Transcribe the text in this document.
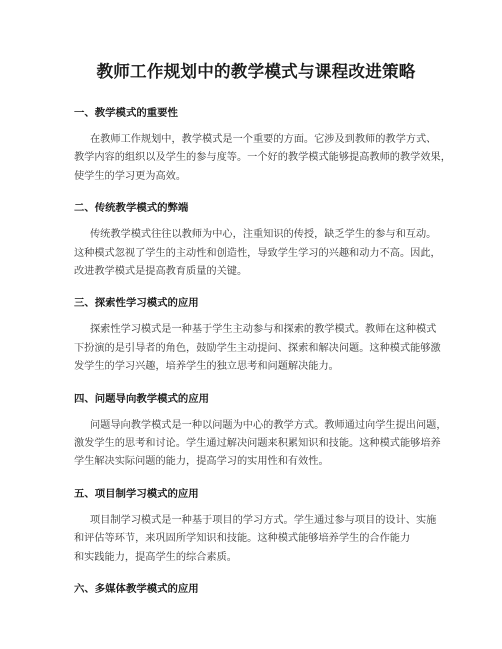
教师工作规划中的教学模式与课程改进策略
一、教学模式的重要性
在教师工作规划中，教学模式是一个重要的方面。它涉及到教师的教学方式、
教学内容的组织以及学生的参与度等。一个好的教学模式能够提高教师的教学效果，
使学生的学习更为高效。
二、传统教学模式的弊端
传统教学模式往往以教师为中心，注重知识的传授，缺乏学生的参与和互动。
这种模式忽视了学生的主动性和创造性，导致学生学习的兴趣和动力不高。因此，
改进教学模式是提高教育质量的关键。
三、探索性学习模式的应用
探索性学习模式是一种基于学生主动参与和探索的教学模式。教师在这种模式
下扮演的是引导者的角色，鼓励学生主动提问、探索和解决问题。这种模式能够激
发学生的学习兴趣，培养学生的独立思考和问题解决能力。
四、问题导向教学模式的应用
问题导向教学模式是一种以问题为中心的教学方式。教师通过向学生提出问题，
激发学生的思考和讨论。学生通过解决问题来积累知识和技能。这种模式能够培养
学生解决实际问题的能力，提高学习的实用性和有效性。
五、项目制学习模式的应用
项目制学习模式是一种基于项目的学习方式。学生通过参与项目的设计、实施
和评估等环节，来巩固所学知识和技能。这种模式能够培养学生的合作能力
和实践能力，提高学生的综合素质。
六、多媒体教学模式的应用
